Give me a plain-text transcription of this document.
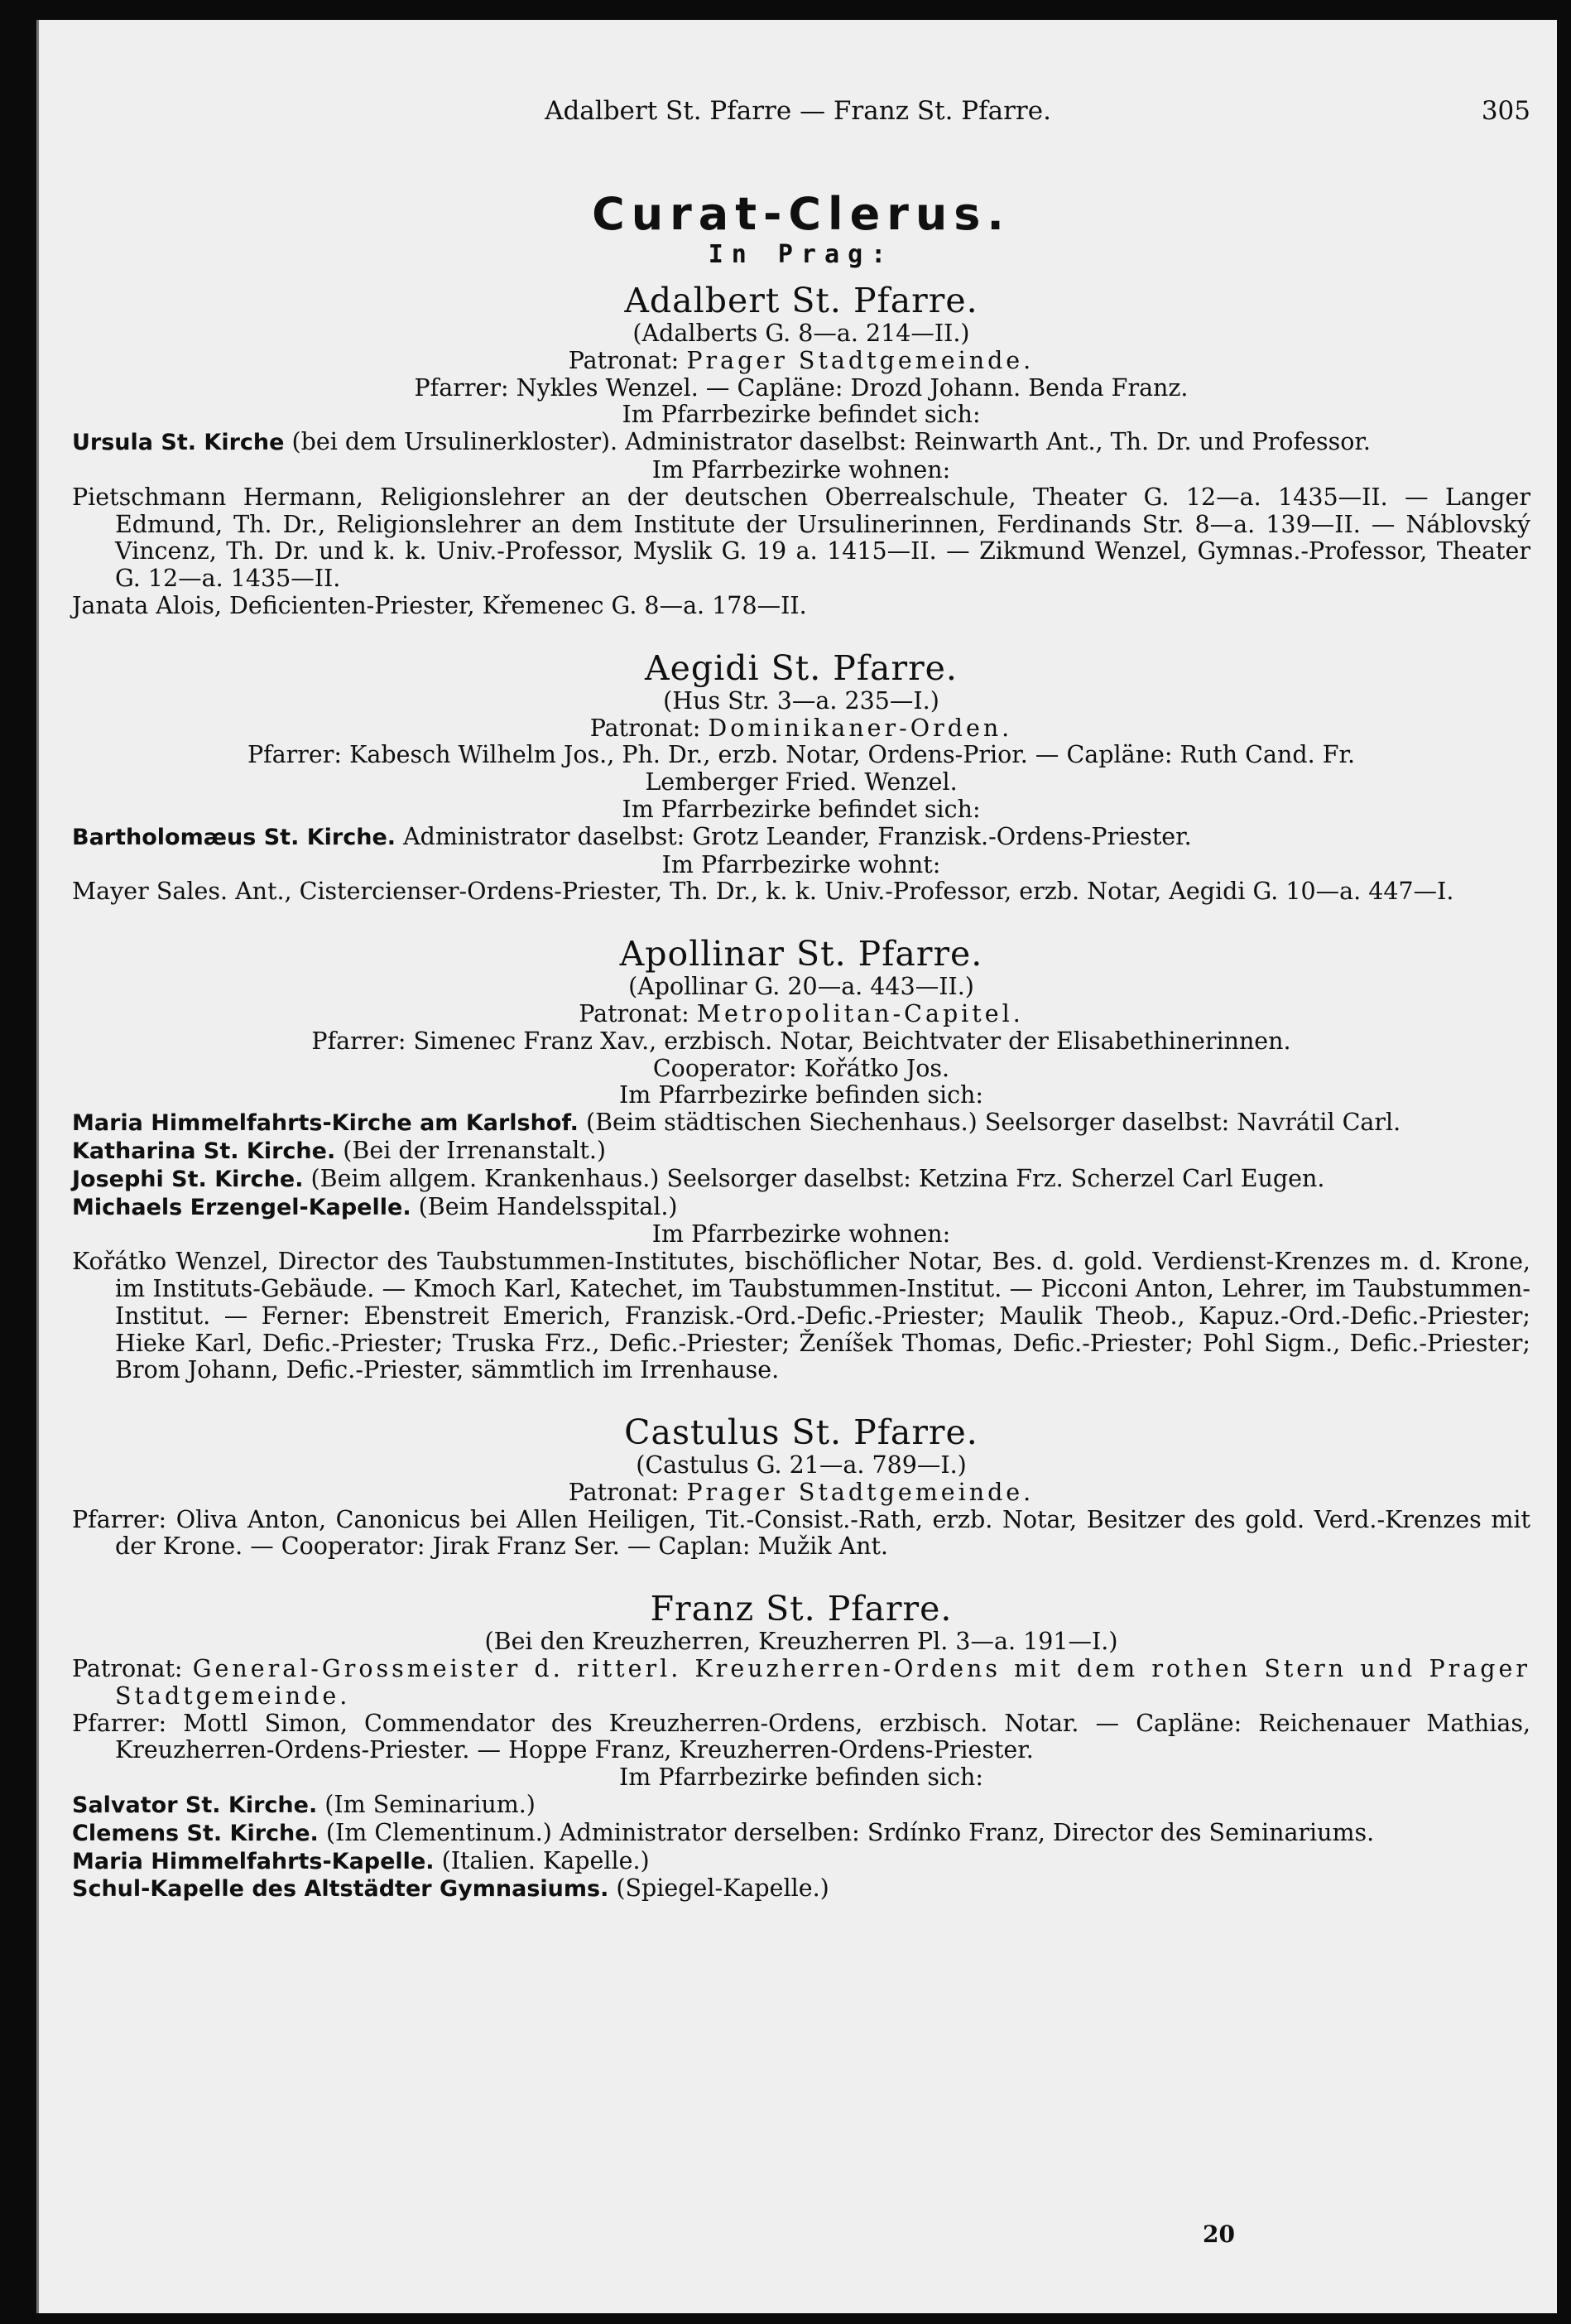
Adalbert St. Pfarre — Franz St. Pfarre.	305
Curat-Clerus.
In Prag:
Adalbert St. Pfarre.
(Adalberts G. 8—a. 214—II.)
Patronat: Prager Stadtgemeinde.
Pfarrer: Nykles Wenzel. — Capläne: Drozd Johann. Benda Franz.
Im Pfarrbezirke befindet sich:
Ursula St. Kirche (bei dem Ursulinerkloster). Administrator daselbst: Reinwarth Ant., Th. Dr. und Professor.
Im Pfarrbezirke wohnen:
Pietschmann Hermann, Religionslehrer an der deutschen Oberrealschule, Theater G. 12—a. 1435—II. — Langer Edmund, Th. Dr., Religionslehrer an dem Institute der Ursulinerinnen, Ferdinands Str. 8—a. 139—II. — Náblovský Vincenz, Th. Dr. und k. k. Univ.-Professor, Myslik G. 19 a. 1415—II. — Zikmund Wenzel, Gymnas.-Professor, Theater G. 12—a. 1435—II.
Janata Alois, Deficienten-Priester, Křemenec G. 8—a. 178—II.
Aegidi St. Pfarre.
(Hus Str. 3—a. 235—I.)
Patronat: Dominikaner-Orden.
Pfarrer: Kabesch Wilhelm Jos., Ph. Dr., erzb. Notar, Ordens-Prior. — Capläne: Ruth Cand. Fr.
Lemberger Fried. Wenzel.
Im Pfarrbezirke befindet sich:
Bartholomæus St. Kirche. Administrator daselbst: Grotz Leander, Franzisk.-Ordens-Priester.
Im Pfarrbezirke wohnt:
Mayer Sales. Ant., Cistercienser-Ordens-Priester, Th. Dr., k. k. Univ.-Professor, erzb. Notar, Aegidi G. 10—a. 447—I.
Apollinar St. Pfarre.
(Apollinar G. 20—a. 443—II.)
Patronat: Metropolitan-Capitel.
Pfarrer: Simenec Franz Xav., erzbisch. Notar, Beichtvater der Elisabethinerinnen.
Cooperator: Kořátko Jos.
Im Pfarrbezirke befinden sich:
Maria Himmelfahrts-Kirche am Karlshof. (Beim städtischen Siechenhaus.) Seelsorger daselbst: Navrátil Carl.
Katharina St. Kirche. (Bei der Irrenanstalt.)
Josephi St. Kirche. (Beim allgem. Krankenhaus.) Seelsorger daselbst: Ketzina Frz. Scherzel Carl Eugen.
Michaels Erzengel-Kapelle. (Beim Handelsspital.)
Im Pfarrbezirke wohnen:
Kořátko Wenzel, Director des Taubstummen-Institutes, bischöflicher Notar, Bes. d. gold. Verdienst-Krenzes m. d. Krone, im Instituts-Gebäude. — Kmoch Karl, Katechet, im Taubstummen-Institut. — Picconi Anton, Lehrer, im Taubstummen-Institut. — Ferner: Ebenstreit Emerich, Franzisk.-Ord.-Defic.-Priester; Maulik Theob., Kapuz.-Ord.-Defic.-Priester; Hieke Karl, Defic.-Priester; Truska Frz., Defic.-Priester; Ženíšek Thomas, Defic.-Priester; Pohl Sigm., Defic.-Priester; Brom Johann, Defic.-Priester, sämmtlich im Irrenhause.
Castulus St. Pfarre.
(Castulus G. 21—a. 789—I.)
Patronat: Prager Stadtgemeinde.
Pfarrer: Oliva Anton, Canonicus bei Allen Heiligen, Tit.-Consist.-Rath, erzb. Notar, Besitzer des gold. Verd.-Krenzes mit der Krone. — Cooperator: Jirak Franz Ser. — Caplan: Mužik Ant.
Franz St. Pfarre.
(Bei den Kreuzherren, Kreuzherren Pl. 3—a. 191—I.)
Patronat: General-Grossmeister d. ritterl. Kreuzherren-Ordens mit dem rothen Stern und Prager Stadtgemeinde.
Pfarrer: Mottl Simon, Commendator des Kreuzherren-Ordens, erzbisch. Notar. — Capläne: Reichenauer Mathias, Kreuzherren-Ordens-Priester. — Hoppe Franz, Kreuzherren-Ordens-Priester.
Im Pfarrbezirke befinden sich:
Salvator St. Kirche. (Im Seminarium.)
Clemens St. Kirche. (Im Clementinum.) Administrator derselben: Srdínko Franz, Director des Seminariums.
Maria Himmelfahrts-Kapelle. (Italien. Kapelle.)
Schul-Kapelle des Altstädter Gymnasiums. (Spiegel-Kapelle.)
20
